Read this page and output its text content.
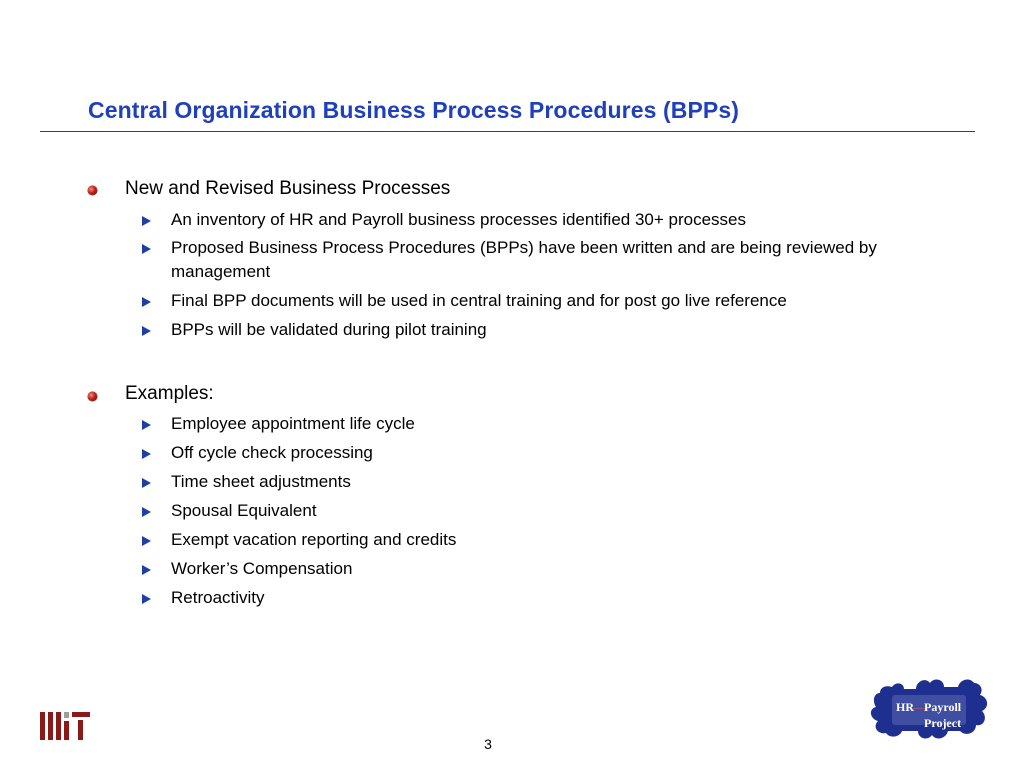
Central Organization Business Process Procedures (BPPs)
New and Revised Business Processes
An inventory of HR and Payroll business processes identified 30+ processes
Proposed Business Process Procedures (BPPs) have been written and are being reviewed by management
Final BPP documents will be used in central training and for post go live reference
BPPs will be validated during pilot training
Examples:
Employee appointment life cycle
Off cycle check processing
Time sheet adjustments
Spousal Equivalent
Exempt vacation reporting and credits
Worker’s Compensation
Retroactivity
3
HR ― Payroll
Project
